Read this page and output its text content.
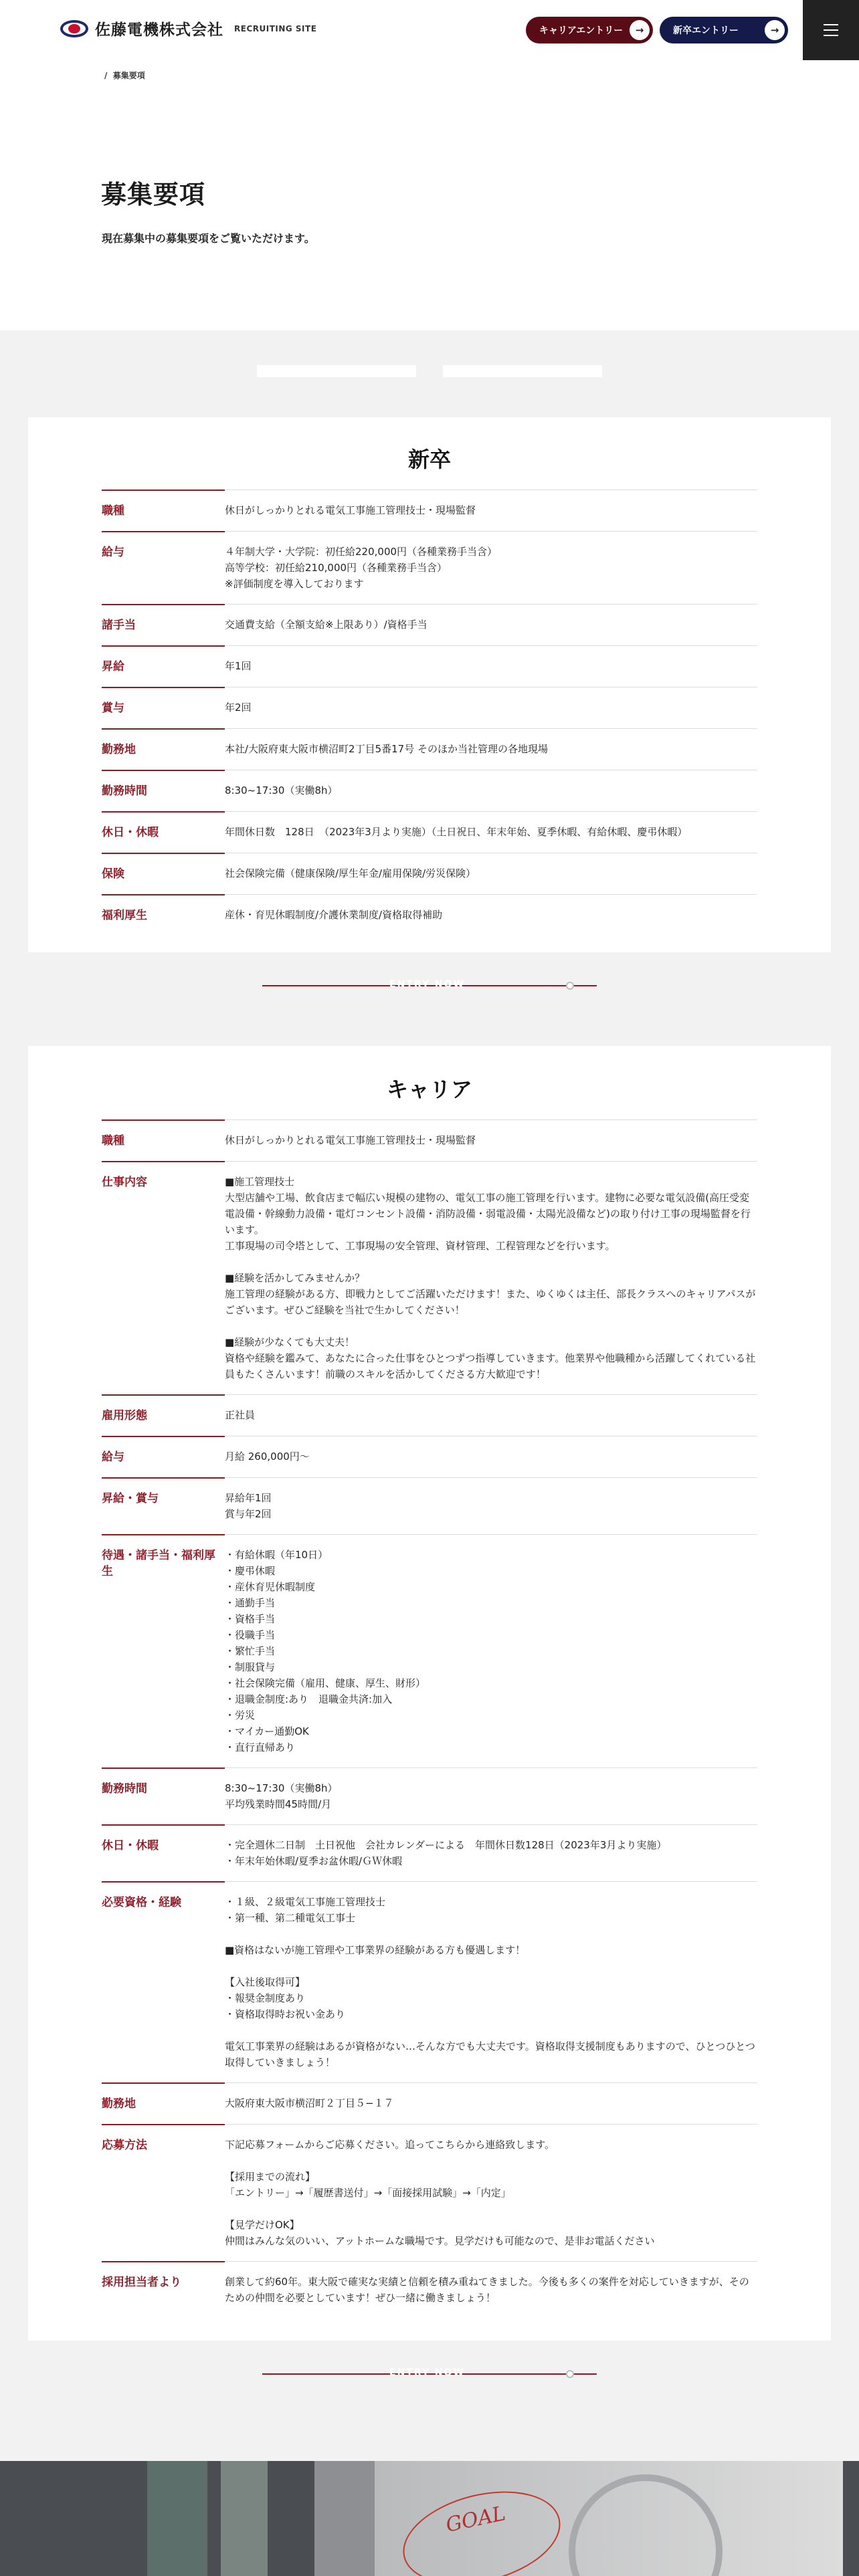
佐藤電機株式会社 RECRUITING SITE	キャリアエントリー	→	新卒エントリー	→
/ 募集要項
募集要項

現在募集中の募集要項をご覧いただけます。

新卒
職種	休日がしっかりとれる電気工事施工管理技士・現場監督
給与	４年制大学・大学院：初任給220,000円（各種業務手当含）
高等学校：初任給210,000円（各種業務手当含）
※評価制度を導入しております
諸手当	交通費支給（全額支給※上限あり）/資格手当
昇給	年1回
賞与	年2回
勤務地	本社/大阪府東大阪市横沼町2丁目5番17号 そのほか当社管理の各地現場
勤務時間	8:30~17:30（実働8h）
休日・休暇	年間休日数　128日　（2023年3月より実施）（土日祝日、年末年始、夏季休暇、有給休暇、慶弔休暇）
保険	社会保険完備（健康保険/厚生年金/雇用保険/労災保険）
福利厚生	産休・育児休暇制度/介護休業制度/資格取得補助
ENTRY NOW
キャリア
職種	休日がしっかりとれる電気工事施工管理技士・現場監督
仕事内容	■施工管理技士
大型店舗や工場、飲食店まで幅広い規模の建物の、電気工事の施工管理を行います。建物に必要な電気設備(高圧受変電設備・幹線動力設備・電灯コンセント設備・消防設備・弱電設備・太陽光設備など)の取り付け工事の現場監督を行います。
工事現場の司令塔として、工事現場の安全管理、資材管理、工程管理などを行います。

■経験を活かしてみませんか？
施工管理の経験がある方、即戦力としてご活躍いただけます！また、ゆくゆくは主任、部長クラスへのキャリアパスがございます。ぜひご経験を当社で生かしてください！

■経験が少なくても大丈夫！
資格や経験を鑑みて、あなたに合った仕事をひとつずつ指導していきます。他業界や他職種から活躍してくれている社員もたくさんいます！前職のスキルを活かしてくださる方大歓迎です！
雇用形態	正社員
給与	月給 260,000円〜
昇給・賞与	昇給年1回
賞与年2回
待遇・諸手当・福利厚生
・有給休暇（年10日）
・慶弔休暇
・産休育児休暇制度
・通勤手当
・資格手当
・役職手当
・繁忙手当
・制服貸与
・社会保険完備（雇用、健康、厚生、財形）
・退職金制度:あり　退職金共済:加入
・労災
・マイカー通勤OK
・直行直帰あり
勤務時間	8:30~17:30（実働8h）
平均残業時間45時間/月
休日・休暇	・完全週休二日制　土日祝他　会社カレンダーによる　年間休日数128日（2023年3月より実施）
・年末年始休暇/夏季お盆休暇/ＧＷ休暇
必要資格・経験	・１級、２級電気工事施工管理技士
・第一種、第二種電気工事士

■資格はないが施工管理や工事業界の経験がある方も優遇します！

【入社後取得可】
・報奨金制度あり
・資格取得時お祝い金あり

電気工事業界の経験はあるが資格がない…そんな方でも大丈夫です。資格取得支援制度もありますので、ひとつひとつ取得していきましょう！
勤務地	大阪府東大阪市横沼町２丁目５−１７
応募方法	下記応募フォームからご応募ください。追ってこちらから連絡致します。

【採用までの流れ】
「エントリー」→「履歴書送付」→「面接採用試験」→「内定」

【見学だけOK】
仲間はみんな気のいい、アットホームな職場です。見学だけも可能なので、是非お電話ください
採用担当者より	創業して約60年。東大阪で確実な実績と信頼を積み重ねてきました。今後も多くの案件を対応していきますが、そのための仲間を必要としています！ぜひ一緒に働きましょう！
ENTRY NOW
GOAL
